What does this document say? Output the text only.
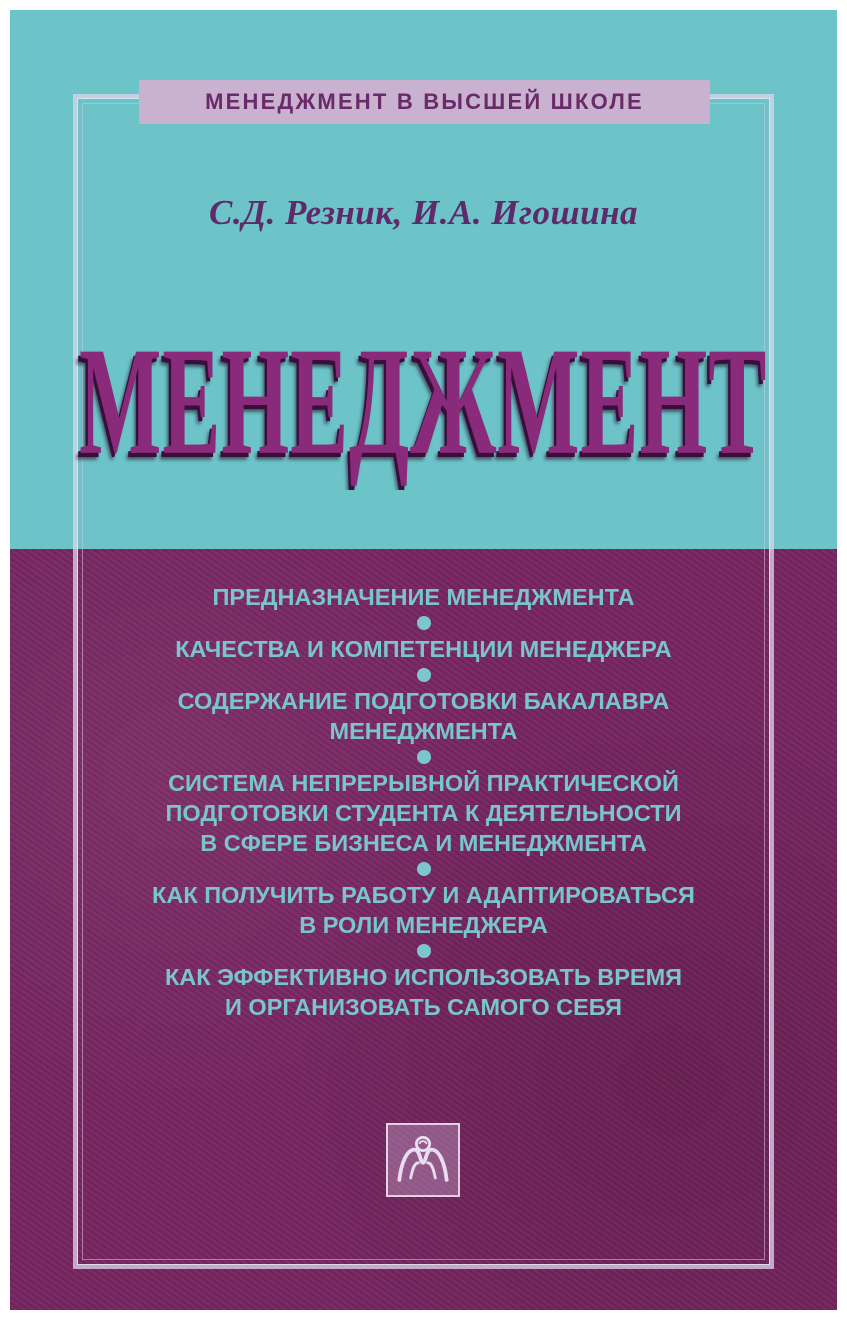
МЕНЕДЖМЕНТ В ВЫСШЕЙ ШКОЛЕ
С.Д. Резник, И.А. Игошина
МЕНЕДЖМЕНТ
ПРЕДНАЗНАЧЕНИЕ МЕНЕДЖМЕНТА
КАЧЕСТВА И КОМПЕТЕНЦИИ МЕНЕДЖЕРА
СОДЕРЖАНИЕ ПОДГОТОВКИ БАКАЛАВРА
МЕНЕДЖМЕНТА
СИСТЕМА НЕПРЕРЫВНОЙ ПРАКТИЧЕСКОЙ
ПОДГОТОВКИ СТУДЕНТА К ДЕЯТЕЛЬНОСТИ
В СФЕРЕ БИЗНЕСА И МЕНЕДЖМЕНТА
КАК ПОЛУЧИТЬ РАБОТУ И АДАПТИРОВАТЬСЯ
В РОЛИ МЕНЕДЖЕРА
КАК ЭФФЕКТИВНО ИСПОЛЬЗОВАТЬ ВРЕМЯ
И ОРГАНИЗОВАТЬ САМОГО СЕБЯ
